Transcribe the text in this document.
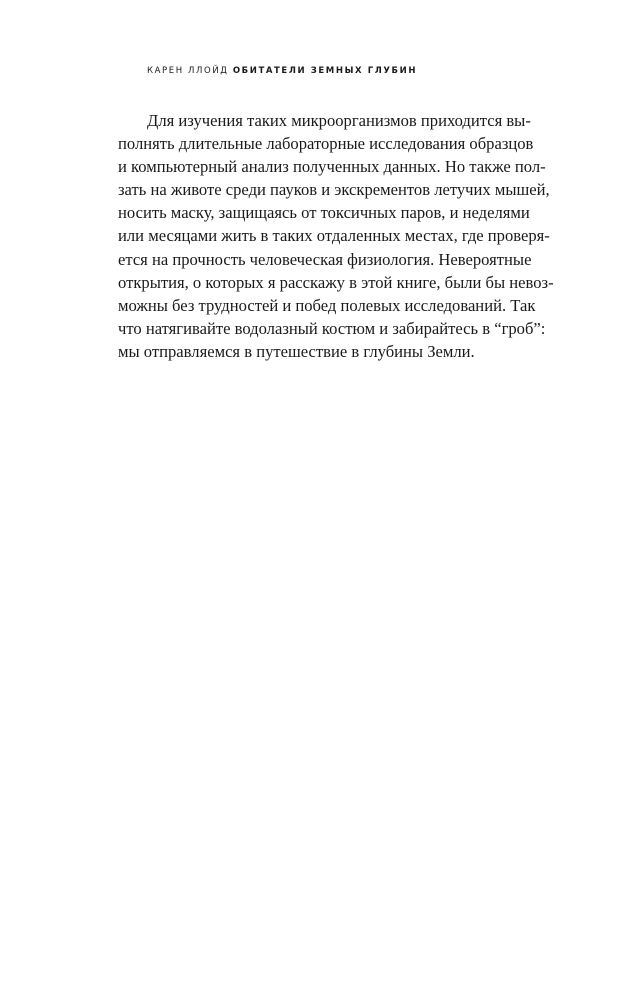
КАРЕН ЛЛОЙД ОБИТАТЕЛИ ЗЕМНЫХ ГЛУБИН
Для изучения таких микроорганизмов приходится вы-
полнять длительные лабораторные исследования образцов
и компьютерный анализ полученных данных. Но также пол-
зать на животе среди пауков и экскрементов летучих мышей,
носить маску, защищаясь от токсичных паров, и неделями
или месяцами жить в таких отдаленных местах, где проверя-
ется на прочность человеческая физиология. Невероятные
открытия, о которых я расскажу в этой книге, были бы невоз-
можны без трудностей и побед полевых исследований. Так
что натягивайте водолазный костюм и забирайтесь в “гроб”:
мы отправляемся в путешествие в глубины Земли.
